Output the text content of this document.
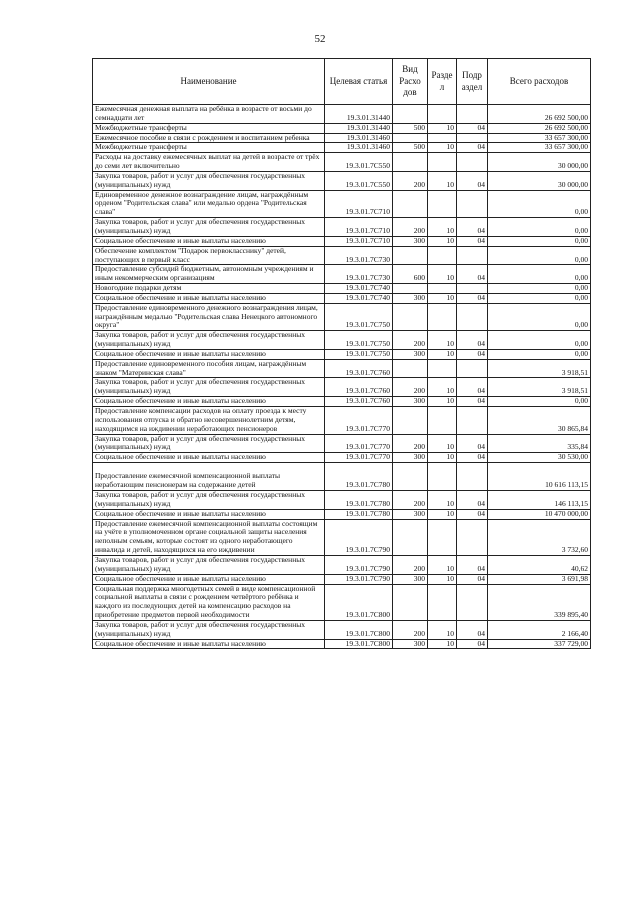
52
Наименование	Целевая статья	Вид Расхо дов	Разде л	Подр аздел	Всего расходов
Ежемесячная денежная выплата на ребёнка в возрасте от восьми до семнадцати лет	19.3.01.31440				26 692 500,00
Межбюджетные трансферты	19.3.01.31440	500	10	04	26 692 500,00
Ежемесячное пособие в связи с рождением и воспитанием ребенка	19.3.01.31460				33 657 300,00
Межбюджетные трансферты	19.3.01.31460	500	10	04	33 657 300,00
Расходы на доставку ежемесячных выплат на детей в возрасте от трёх до семи лет включительно	19.3.01.7С550				30 000,00
Закупка товаров, работ и услуг для обеспечения государственных (муниципальных) нужд	19.3.01.7С550	200	10	04	30 000,00
Единовременное денежное вознаграждение лицам, награждённым орденом "Родительская слава" или медалью ордена "Родительская слава"	19.3.01.7С710				0,00
Закупка товаров, работ и услуг для обеспечения государственных (муниципальных) нужд	19.3.01.7С710	200	10	04	0,00
Социальное обеспечение и иные выплаты населению	19.3.01.7С710	300	10	04	0,00
Обеспечение комплектом "Подарок первокласснику" детей, поступающих в первый класс	19.3.01.7С730				0,00
Предоставление субсидий бюджетным, автономным учреждениям и иным некоммерческим организациям	19.3.01.7С730	600	10	04	0,00
Новогодние подарки детям	19.3.01.7С740				0,00
Социальное обеспечение и иные выплаты населению	19.3.01.7С740	300	10	04	0,00
Предоставление единовременного денежного вознаграждения лицам, награждённым медалью "Родительская слава Ненецкого автономного округа"	19.3.01.7С750				0,00
Закупка товаров, работ и услуг для обеспечения государственных (муниципальных) нужд	19.3.01.7С750	200	10	04	0,00
Социальное обеспечение и иные выплаты населению	19.3.01.7С750	300	10	04	0,00
Предоставление единовременного пособия лицам, награждённым знаком "Материнская слава"	19.3.01.7С760				3 918,51
Закупка товаров, работ и услуг для обеспечения государственных (муниципальных) нужд	19.3.01.7С760	200	10	04	3 918,51
Социальное обеспечение и иные выплаты населению	19.3.01.7С760	300	10	04	0,00
Предоставление компенсации расходов на оплату проезда к месту использования отпуска и обратно несовершеннолетним детям, находящимся на иждивении неработающих пенсионеров	19.3.01.7С770				30 865,84
Закупка товаров, работ и услуг для обеспечения государственных (муниципальных) нужд	19.3.01.7С770	200	10	04	335,84
Социальное обеспечение и иные выплаты населению	19.3.01.7С770	300	10	04	30 530,00
Предоставление ежемесячной компенсационной выплаты неработающим пенсионерам на содержание детей	19.3.01.7С780				10 616 113,15
Закупка товаров, работ и услуг для обеспечения государственных (муниципальных) нужд	19.3.01.7С780	200	10	04	146 113,15
Социальное обеспечение и иные выплаты населению	19.3.01.7С780	300	10	04	10 470 000,00
Предоставление ежемесячной компенсационной выплаты состоящим на учёте в уполномоченном органе социальной защиты населения неполным семьям, которые состоят из одного неработающего инвалида и детей, находящихся на его иждивении	19.3.01.7С790				3 732,60
Закупка товаров, работ и услуг для обеспечения государственных (муниципальных) нужд	19.3.01.7С790	200	10	04	40,62
Социальное обеспечение и иные выплаты населению	19.3.01.7С790	300	10	04	3 691,98
Социальная поддержка многодетных семей в виде компенсационной социальной выплаты в связи с рождением четвёртого ребёнка и каждого из последующих детей на компенсацию расходов на приобретение предметов первой необходимости	19.3.01.7С800				339 895,40
Закупка товаров, работ и услуг для обеспечения государственных (муниципальных) нужд	19.3.01.7С800	200	10	04	2 166,40
Социальное обеспечение и иные выплаты населению	19.3.01.7С800	300	10	04	337 729,00
